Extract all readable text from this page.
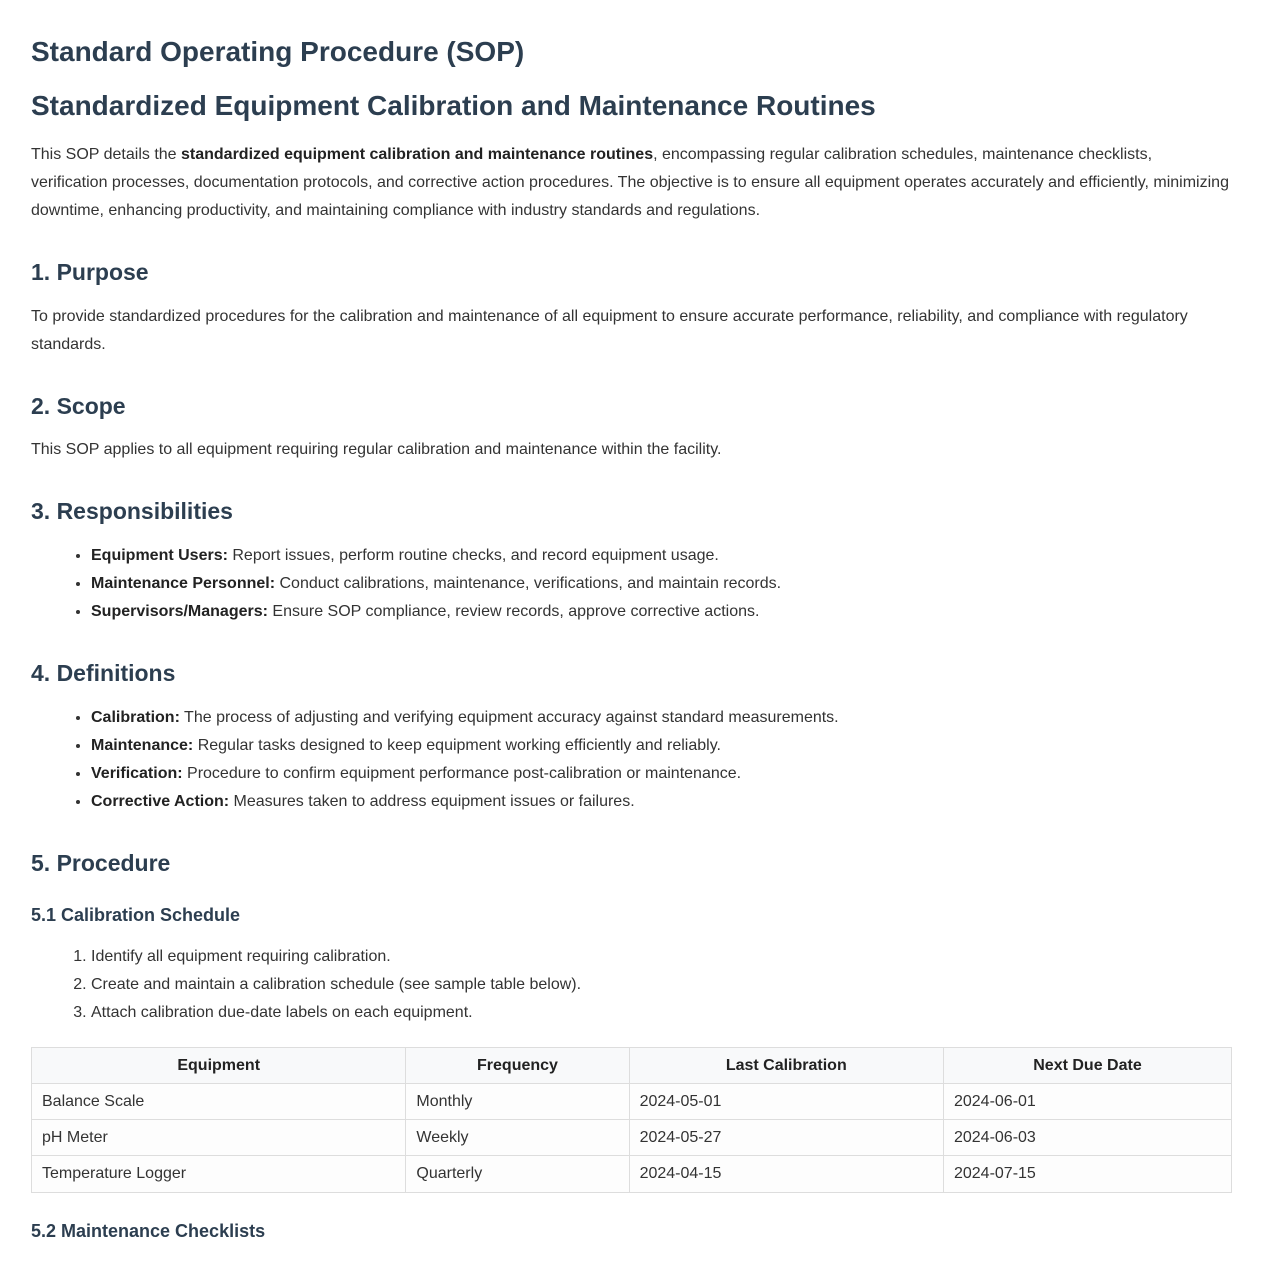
Standard Operating Procedure (SOP)
Standardized Equipment Calibration and Maintenance Routines

This SOP details the standardized equipment calibration and maintenance routines, encompassing regular calibration schedules, maintenance checklists, verification processes, documentation protocols, and corrective action procedures. The objective is to ensure all equipment operates accurately and efficiently, minimizing downtime, enhancing productivity, and maintaining compliance with industry standards and regulations.

1. Purpose

To provide standardized procedures for the calibration and maintenance of all equipment to ensure accurate performance, reliability, and compliance with regulatory standards.

2. Scope

This SOP applies to all equipment requiring regular calibration and maintenance within the facility.

3. Responsibilities
• Equipment Users: Report issues, perform routine checks, and record equipment usage.
• Maintenance Personnel: Conduct calibrations, maintenance, verifications, and maintain records.
• Supervisors/Managers: Ensure SOP compliance, review records, approve corrective actions.
4. Definitions
• Calibration: The process of adjusting and verifying equipment accuracy against standard measurements.
• Maintenance: Regular tasks designed to keep equipment working efficiently and reliably.
• Verification: Procedure to confirm equipment performance post-calibration or maintenance.
• Corrective Action: Measures taken to address equipment issues or failures.
5. Procedure
5.1 Calibration Schedule
1. Identify all equipment requiring calibration.
2. Create and maintain a calibration schedule (see sample table below).
3. Attach calibration due-date labels on each equipment.
Equipment	Frequency	Last Calibration	Next Due Date
Balance Scale	Monthly	2024-05-01	2024-06-01
pH Meter	Weekly	2024-05-27	2024-06-03
Temperature Logger	Quarterly	2024-04-15	2024-07-15
5.2 Maintenance Checklists
